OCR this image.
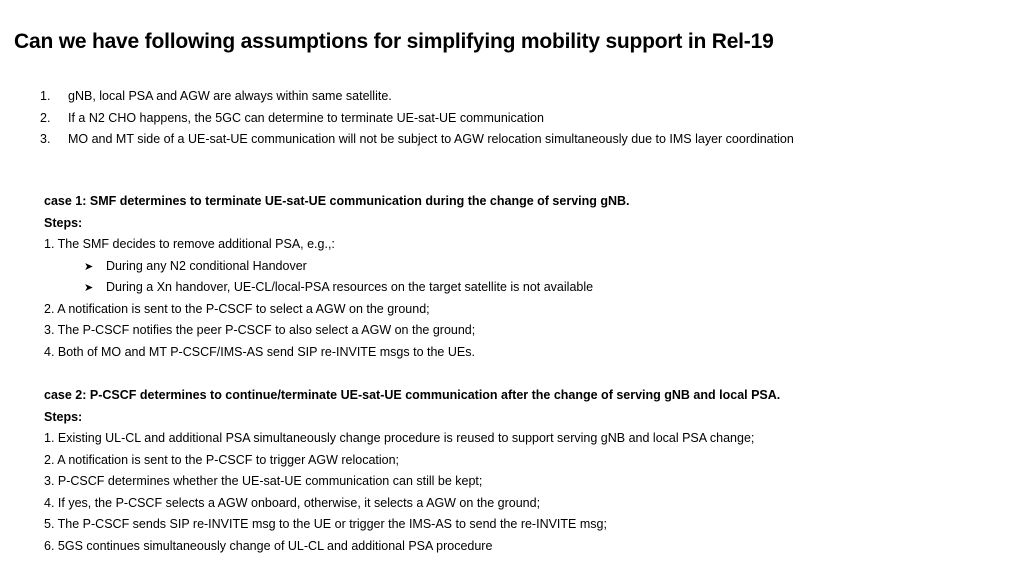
Can we have following assumptions for simplifying mobility support in Rel-19
1. gNB, local PSA and AGW are always within same satellite.
2. If a N2 CHO happens, the 5GC can determine to terminate UE-sat-UE communication
3. MO and MT side of a UE-sat-UE communication will not be subject to AGW relocation simultaneously due to IMS layer coordination
case 1: SMF determines to terminate UE-sat-UE communication during the change of serving gNB.
Steps:
1. The SMF decides to remove additional PSA, e.g.,:
➤ During any N2 conditional Handover
➤ During a Xn handover, UE-CL/local-PSA resources on the target satellite is not available
2. A notification is sent to the P-CSCF to select a AGW on the ground;
3. The P-CSCF notifies the peer P-CSCF to also select a AGW on the ground;
4. Both of MO and MT P-CSCF/IMS-AS send SIP re-INVITE msgs to the UEs.
case 2: P-CSCF determines to continue/terminate UE-sat-UE communication after the change of serving gNB and local PSA.
Steps:
1. Existing UL-CL and additional PSA simultaneously change procedure is reused to support serving gNB and local PSA change;
2. A notification is sent to the P-CSCF to trigger AGW relocation;
3. P-CSCF determines whether the UE-sat-UE communication can still be kept;
4. If yes, the P-CSCF selects a AGW onboard, otherwise, it selects a AGW on the ground;
5. The P-CSCF sends SIP re-INVITE msg to the UE or trigger the IMS-AS to send the re-INVITE msg;
6. 5GS continues simultaneously change of UL-CL and additional PSA procedure
